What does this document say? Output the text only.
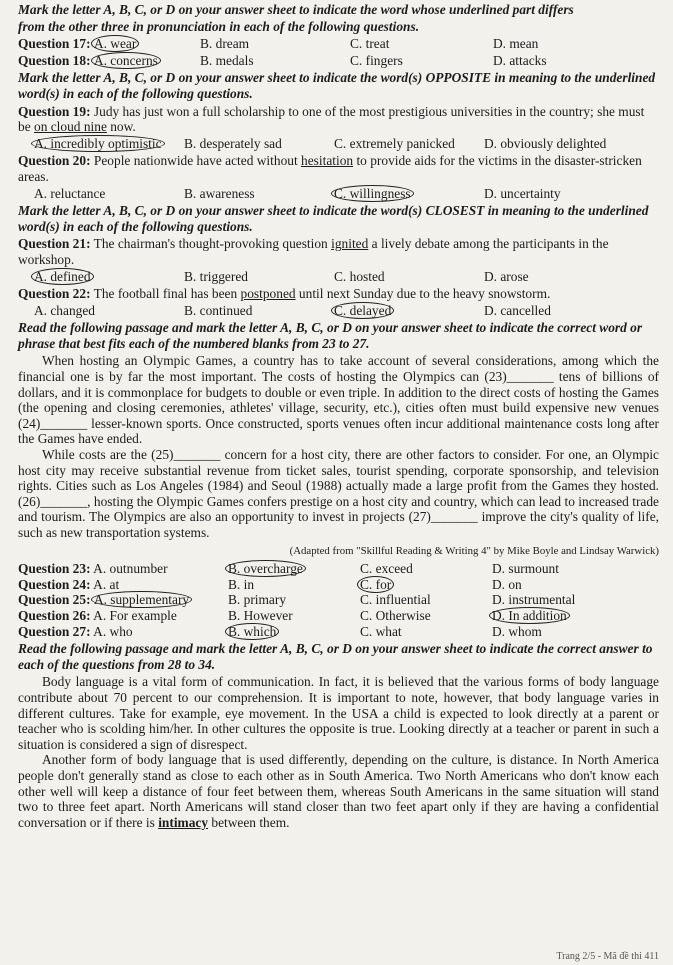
Mark the letter A, B, C, or D on your answer sheet to indicate the word whose underlined part differs
from the other three in pronunciation in each of the following questions.
Question 17: A. wear	B. dream	C. treat	D. mean
Question 18: A. concerns	B. medals	C. fingers	D. attacks
Mark the letter A, B, C, or D on your answer sheet to indicate the word(s) OPPOSITE in meaning to the underlined word(s) in each of the following questions.
Question 19: Judy has just won a full scholarship to one of the most prestigious universities in the country; she must be on cloud nine now.
A. incredibly optimistic	B. desperately sad	C. extremely panicked	D. obviously delighted
Question 20: People nationwide have acted without hesitation to provide aids for the victims in the disaster-stricken areas.
A. reluctance	B. awareness	C. willingness	D. uncertainty
Mark the letter A, B, C, or D on your answer sheet to indicate the word(s) CLOSEST in meaning to the underlined word(s) in each of the following questions.
Question 21: The chairman's thought-provoking question ignited a lively debate among the participants in the workshop.
A. defined	B. triggered	C. hosted	D. arose
Question 22: The football final has been postponed until next Sunday due to the heavy snowstorm.
A. changed	B. continued	C. delayed	D. cancelled
Read the following passage and mark the letter A, B, C, or D on your answer sheet to indicate the correct word or phrase that best fits each of the numbered blanks from 23 to 27.

When hosting an Olympic Games, a country has to take account of several considerations, among which the financial one is by far the most important. The costs of hosting the Olympics can (23)_______ tens of billions of dollars, and it is commonplace for budgets to double or even triple. In addition to the direct costs of hosting the Games (the opening and closing ceremonies, athletes' village, security, etc.), cities often must build expensive new venues (24)_______ lesser-known sports. Once constructed, sports venues often incur additional maintenance costs long after the Games have ended.

While costs are the (25)_______ concern for a host city, there are other factors to consider. For one, an Olympic host city may receive substantial revenue from ticket sales, tourist spending, corporate sponsorship, and television rights. Cities such as Los Angeles (1984) and Seoul (1988) actually made a large profit from the Games they hosted. (26)_______, hosting the Olympic Games confers prestige on a host city and country, which can lead to increased trade and tourism. The Olympics are also an opportunity to invest in projects (27)_______ improve the city's quality of life, such as new transportation systems.

(Adapted from "Skillful Reading & Writing 4" by Mike Boyle and Lindsay Warwick)
Question 23: A. outnumber	B. overcharge	C. exceed	D. surmount
Question 24: A. at	B. in	C. for	D. on
Question 25: A. supplementary	B. primary	C. influential	D. instrumental
Question 26: A. For example	B. However	C. Otherwise	D. In addition
Question 27: A. who	B. which	C. what	D. whom
Read the following passage and mark the letter A, B, C, or D on your answer sheet to indicate the correct answer to each of the questions from 28 to 34.

Body language is a vital form of communication. In fact, it is believed that the various forms of body language contribute about 70 percent to our comprehension. It is important to note, however, that body language varies in different cultures. Take for example, eye movement. In the USA a child is expected to look directly at a parent or teacher who is scolding him/her. In other cultures the opposite is true. Looking directly at a teacher or parent in such a situation is considered a sign of disrespect.

Another form of body language that is used differently, depending on the culture, is distance. In North America people don't generally stand as close to each other as in South America. Two North Americans who don't know each other well will keep a distance of four feet between them, whereas South Americans in the same situation will stand two to three feet apart. North Americans will stand closer than two feet apart only if they are having a confidential conversation or if there is intimacy between them.

Trang 2/5 - Mã đề thi 411
